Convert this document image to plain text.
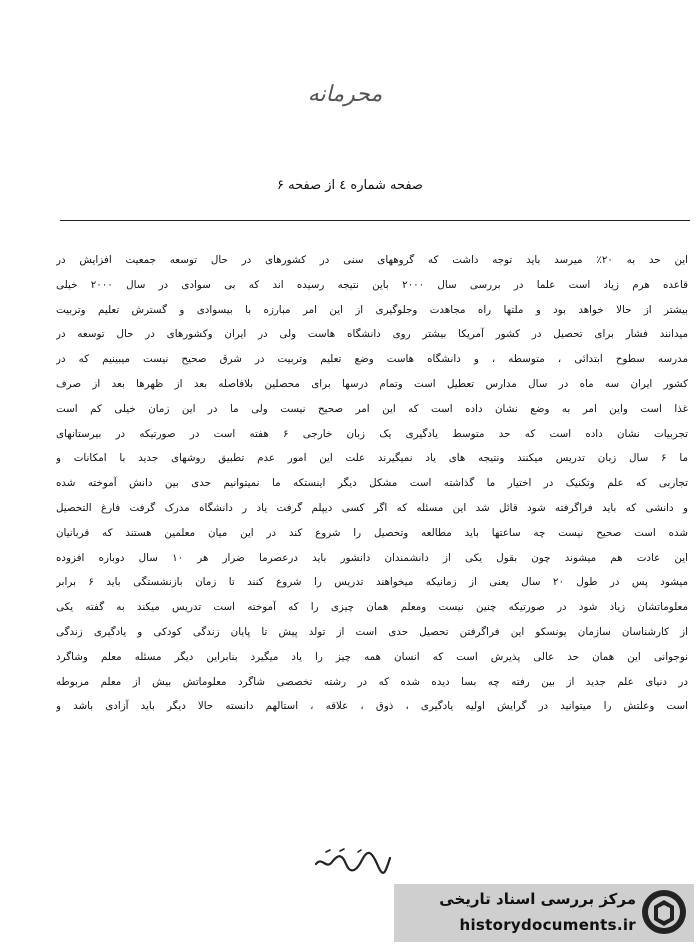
محرمانه
صفحه شماره ٤ از صفحه ۶
این حد به ۲۰٪ میرسد باید توجه داشت که گروههای سنی در کشورهای در حال توسعه جمعیت افزایش در
قاعده هرم زیاد است علما در بررسی سال ۲۰۰۰ باین نتیجه رسیده اند که بی سوادی در سال ۲۰۰۰ خیلی
بیشتر از حالا خواهد بود و ملتها راه مجاهدت وجلوگیری از این امر مبارزه با بیسوادی و گسترش تعلیم وتربیت
میدانند فشار برای تحصیل در کشور آمریکا بیشتر روی دانشگاه هاست ولی در ایران وکشورهای در حال توسعه در
مدرسه سطوح ابتدائی ، متوسطه ، و دانشگاه هاست وضع تعلیم وتربیت در شرق صحیح نیست میبینیم که در
کشور ایران سه ماه در سال مدارس تعطیل است وتمام درسها برای محصلین بلافاصله بعد از ظهرها بعد از صرف
غذا است واین امر به وضع نشان داده است که این امر صحیح نیست ولی ما در این زمان خیلی کم است
تجربیات نشان داده است که حد متوسط یادگیری یک زبان خارجی ۶ هفته است در صورتیکه در بیرستانهای
ما ۶ سال زبان تدریس میکنند ونتیجه های یاد نمیگیرند علت این امور عدم تطبیق روشهای جدید با امکانات و
تجاربی که علم وتکنیک در اختیار ما گذاشته است مشکل دیگر اینستکه ما نمیتوانیم حدی بین دانش آموخته شده
و دانشی که باید فراگرفته شود قائل شد این مسئله که اگر کسی دیپلم گرفت یاد ر دانشگاه مدرک گرفت فارغ التحصیل
شده است صحیح نیست چه ساعتها باید مطالعه وتحصیل را شروع کند در این میان معلمین هستند که قربانیان
این عادت هم میشوند چون بقول یکی از دانشمندان دانشور باید درعصرما ضرار هر ۱۰ سال دوباره افزوده
میشود پس در طول ۲۰ سال یعنی از زمانیکه میخواهند تدریس را شروع کنند تا زمان بازنشستگی باید ۶ برابر
معلوماتشان زیاد شود در صورتیکه چنین نیست ومعلم همان چیزی را که آموخته است تدریس میکند به گفته یکی
از کارشناسان سازمان یونسکو این فراگرفتن تحصیل حدی است از تولد پیش تا پایان زندگی کودکی و یادگیری زندگی
نوجوانی این همان حد عالی پذیرش است که انسان همه چیز را یاد میگیرد بنابراین دیگر مسئله معلم وشاگرد
در دنیای علم جدید از بین رفته چه بسا دیده شده که در رشته تخصصی شاگرد معلوماتش بیش از معلم مربوطه
است وعلتش را میتوانید در گرایش اولیه یادگیری ، ذوق ، علاقه ، استالهم دانسته حالا دیگر باید آزادی باشد و
مرکز بررسی اسناد تاریخی
historydocuments.ir
